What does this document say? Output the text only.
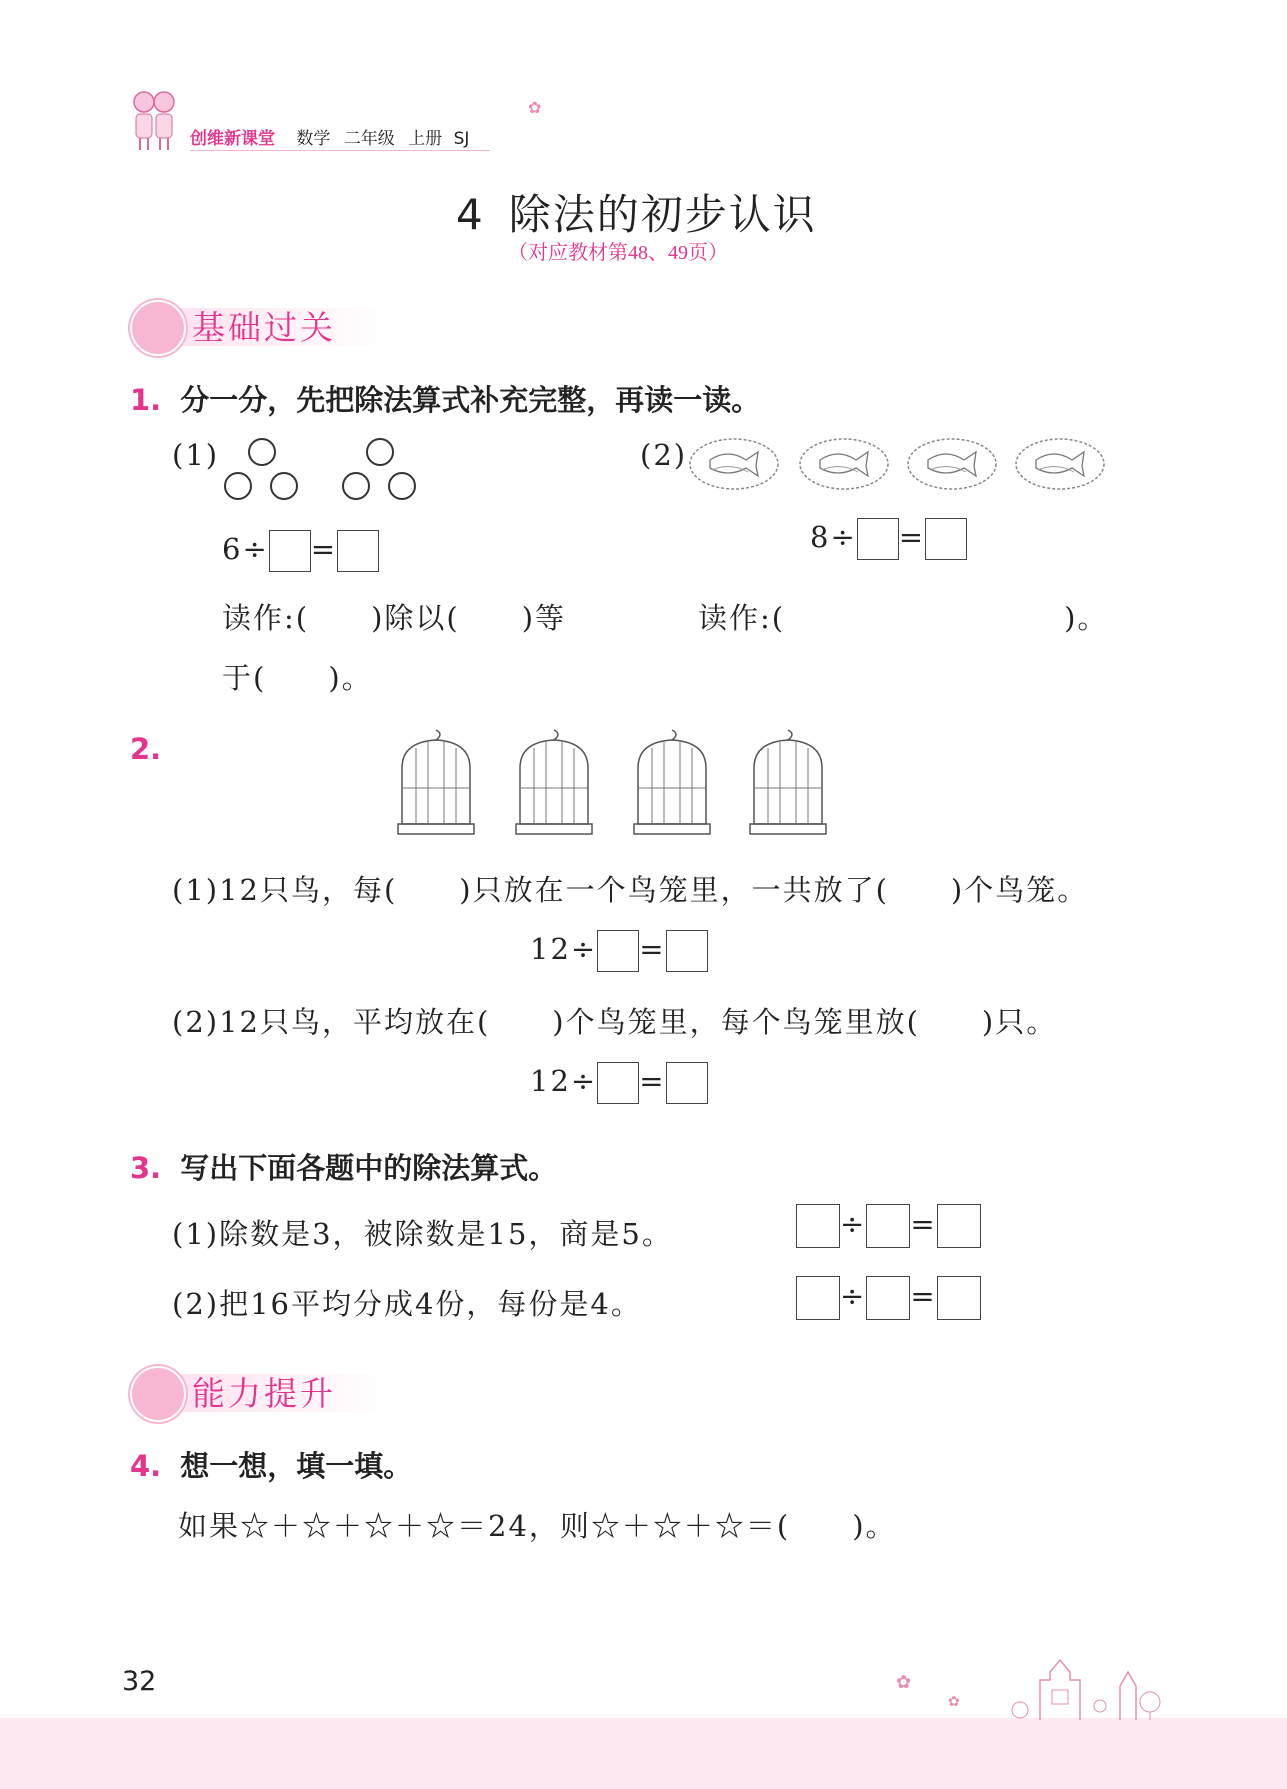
创维新课堂 数学 二年级 上册 SJ
✿
4 除法的初步认识
（对应教材第48、49页）
基础过关
1. 分一分，先把除法算式补充完整，再读一读。
(1)
6÷ =
读作:(　　)除以(　　)等
于(　　)。
(2)
8÷ =
读作:(　　　　　　　　　)。
2.
(1)12只鸟，每(　　)只放在一个鸟笼里，一共放了(　　)个鸟笼。
12÷ =
(2)12只鸟，平均放在(　　)个鸟笼里，每个鸟笼里放(　　)只。
12÷ =
3. 写出下面各题中的除法算式。
(1)除数是3，被除数是15，商是5。	÷ =
(2)把16平均分成4份，每份是4。	÷ =
能力提升
4. 想一想，填一填。
如果☆＋☆＋☆＋☆＝24，则☆＋☆＋☆＝(　　)。
32	✿
✿
